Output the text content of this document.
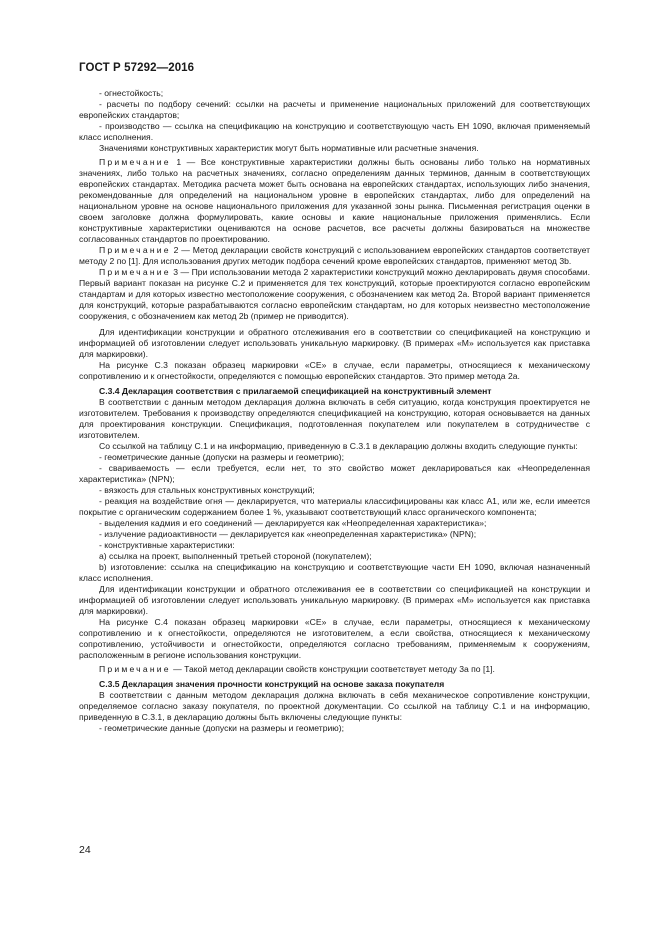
ГОСТ Р 57292—2016

- огнестойкость;

- расчеты по подбору сечений: ссылки на расчеты и применение национальных приложений для соответствующих европейских стандартов;

- производство — ссылка на спецификацию на конструкцию и соответствующую часть ЕН 1090, включая применяемый класс исполнения.

Значениями конструктивных характеристик могут быть нормативные или расчетные значения.

Примечание 1 — Все конструктивные характеристики должны быть основаны либо только на нормативных значениях, либо только на расчетных значениях, согласно определениям данных терминов, данным в соответствующих европейских стандартах. Методика расчета может быть основана на европейских стандартах, использующих либо значения, рекомендованные для определений на национальном уровне в европейских стандартах, либо для определений на национальном уровне на основе национального приложения для указанной зоны рынка. Письменная регистрация оценки в своем заголовке должна формулировать, какие основы и какие национальные приложения применялись. Если конструктивные характеристики оцениваются на основе расчетов, все расчеты должны базироваться на множестве согласованных стандартов по проектированию.

Примечание 2 — Метод декларации свойств конструкций с использованием европейских стандартов соответствует методу 2 по [1]. Для использования других методик подбора сечений кроме европейских стандартов, применяют метод 3b.

Примечание 3 — При использовании метода 2 характеристики конструкций можно декларировать двумя способами. Первый вариант показан на рисунке С.2 и применяется для тех конструкций, которые проектируются согласно европейским стандартам и для которых известно местоположение сооружения, с обозначением как метод 2а. Второй вариант применяется для конструкций, которые разрабатываются согласно европейским стандартам, но для которых неизвестно местоположение сооружения, с обозначением как метод 2b (пример не приводится).

Для идентификации конструкции и обратного отслеживания его в соответствии со спецификацией на конструкцию и информацией об изготовлении следует использовать уникальную маркировку. (В примерах «М» используется как приставка для маркировки).

На рисунке С.3 показан образец маркировки «СЕ» в случае, если параметры, относящиеся к механическому сопротивлению и к огнестойкости, определяются с помощью европейских стандартов. Это пример метода 2а.

С.3.4 Декларация соответствия с прилагаемой спецификацией на конструктивный элемент

В соответствии с данным методом декларация должна включать в себя ситуацию, когда конструкция проектируется не изготовителем. Требования к производству определяются спецификацией на конструкцию, которая основывается на данных для проектирования конструкции. Спецификация, подготовленная покупателем или покупателем в сотрудничестве с изготовителем.

Со ссылкой на таблицу С.1 и на информацию, приведенную в С.3.1 в декларацию должны входить следующие пункты:

- геометрические данные (допуски на размеры и геометрию);

- свариваемость — если требуется, если нет, то это свойство может декларироваться как «Неопределенная характеристика» (NPN);

- вязкость для стальных конструктивных конструкций;

- реакция на воздействие огня — декларируется, что материалы классифицированы как класс А1, или же, если имеется покрытие с органическим содержанием более 1 %, указывают соответствующий класс органического компонента;

- выделения кадмия и его соединений — декларируется как «Неопределенная характеристика»;

- излучение радиоактивности — декларируется как «неопределенная характеристика» (NPN);

- конструктивные характеристики:

а) ссылка на проект, выполненный третьей стороной (покупателем);

b) изготовление: ссылка на спецификацию на конструкцию и соответствующие части ЕН 1090, включая назначенный класс исполнения.

Для идентификации конструкции и обратного отслеживания ее в соответствии со спецификацией на конструкции и информацией об изготовлении следует использовать уникальную маркировку. (В примерах «М» используется как приставка для маркировки).

На рисунке С.4 показан образец маркировки «СЕ» в случае, если параметры, относящиеся к механическому сопротивлению и к огнестойкости, определяются не изготовителем, а если свойства, относящиеся к механическому сопротивлению, устойчивости и огнестойкости, определяются согласно требованиям, применяемым к сооружениям, расположенным в регионе использования конструкции.

Примечание — Такой метод декларации свойств конструкции соответствует методу 3а по [1].

С.3.5 Декларация значения прочности конструкций на основе заказа покупателя

В соответствии с данным методом декларация должна включать в себя механическое сопротивление конструкции, определяемое согласно заказу покупателя, по проектной документации. Со ссылкой на таблицу С.1 и на информацию, приведенную в С.3.1, в декларацию должны быть включены следующие пункты:

- геометрические данные (допуски на размеры и геометрию);

24
